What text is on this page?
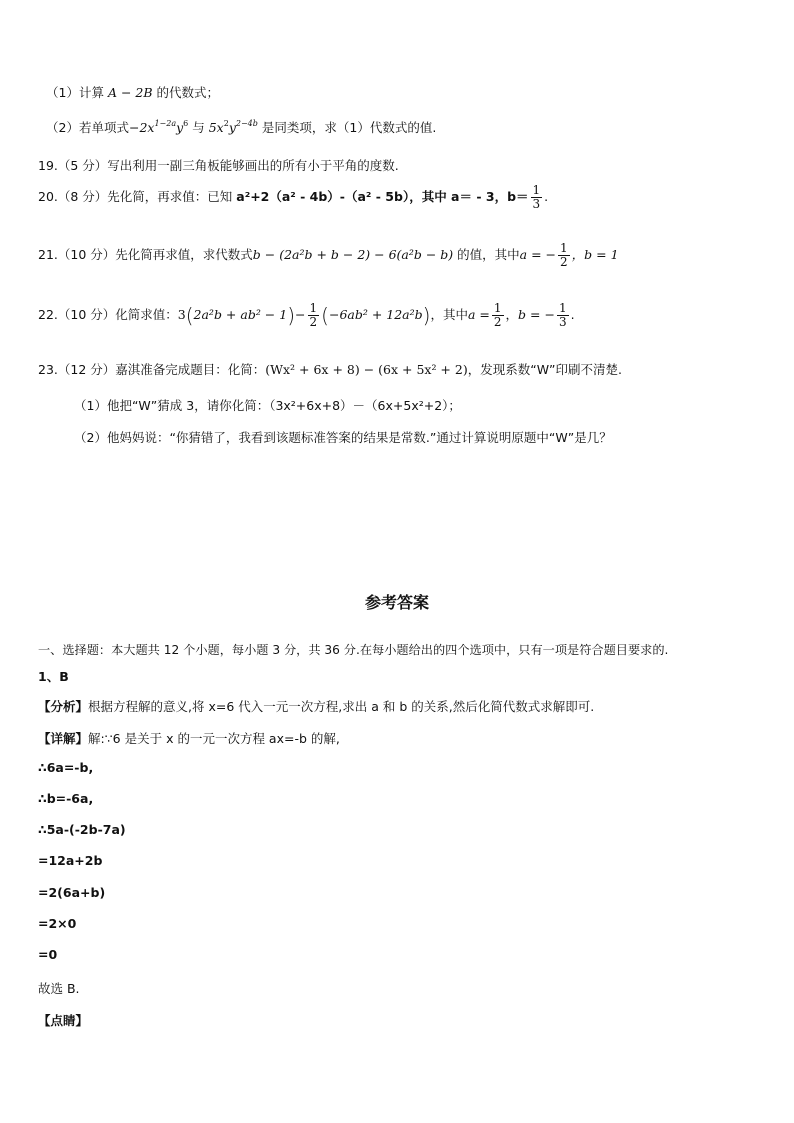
（1）计算 A − 2B 的代数式；
（2）若单项式$-2x^{1-2a}y^6$ 与 $5x^2y^{2-4b}$ 是同类项，求（1）代数式的值.
19.（5 分）写出利用一副三角板能够画出的所有小于平角的度数.
20.（8 分）先化简，再求值：已知 a²+2（a² - 4b）-（a² - 5b），其中 a＝ - 3，$b= \frac{1}{3}$ .
21.（10 分）先化简再求值，求代数式b − (2a²b + b − 2) − 6(a²b − b) 的值，其中a = − $\frac{1}{2}$ ，b = 1
22.（10 分）化简求值：$3(2a^2b + ab^2 - 1)- \frac{1}{2} (-6ab^2 + 12a^2b)$，其中$a = \frac{1}{2}$ ，b = − $\frac{1}{3}$ .
23.（12 分）嘉淇准备完成题目：化简：(Wx² + 6x + 8) − (6x + 5x² + 2)，发现系数“W”印刷不清楚.
（1）他把“W”猜成 3，请你化简：（3x²+6x+8）－（6x+5x²+2）；
（2）他妈妈说：“你猜错了，我看到该题标准答案的结果是常数.”通过计算说明原题中“W”是几？
参考答案
一、选择题：本大题共 12 个小题，每小题 3 分，共 36 分.在每小题给出的四个选项中，只有一项是符合题目要求的.
1、B
【分析】根据方程解的意义,将 x=6 代入一元一次方程,求出 a 和 b 的关系,然后化简代数式求解即可.
【详解】解:∵6 是关于 x 的一元一次方程 ax=-b 的解,
∴6a=-b,
∴b=-6a,
∴5a-(-2b-7a)
=12a+2b
=2(6a+b)
=2×0
=0
故选 B.
【点睛】
